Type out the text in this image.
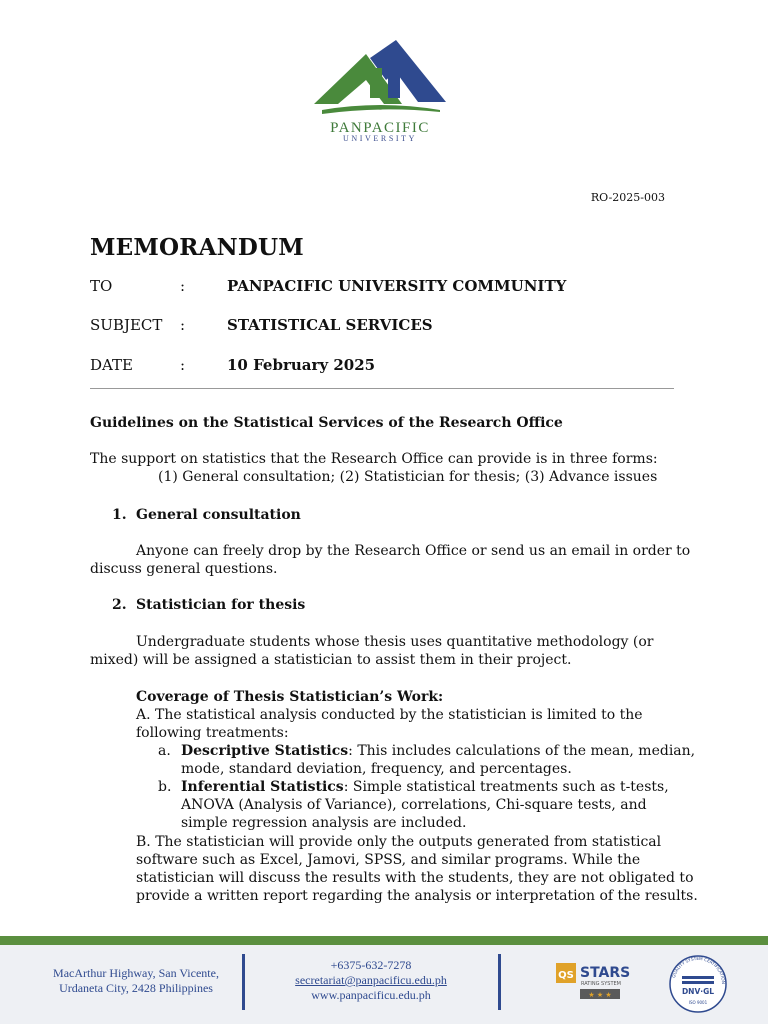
PANPACIFIC
UNIVERSITY
RO-2025-003
MEMORANDUM
TO	:	PANPACIFIC UNIVERSITY COMMUNITY
SUBJECT :	STATISTICAL SERVICES
DATE	:	10 February 2025
Guidelines on the Statistical Services of the Research Office
The support on statistics that the Research Office can provide is in three forms:
(1) General consultation; (2) Statistician for thesis; (3) Advance issues
1. General consultation
Anyone can freely drop by the Research Office or send us an email in order to
discuss general questions.
2. Statistician for thesis
Undergraduate students whose thesis uses quantitative methodology (or
mixed) will be assigned a statistician to assist them in their project.
Coverage of Thesis Statistician’s Work:
A. The statistical analysis conducted by the statistician is limited to the
following treatments:
a. Descriptive Statistics: This includes calculations of the mean, median,
mode, standard deviation, frequency, and percentages.
b. Inferential Statistics: Simple statistical treatments such as t-tests,
ANOVA (Analysis of Variance), correlations, Chi-square tests, and
simple regression analysis are included.
B. The statistician will provide only the outputs generated from statistical
software such as Excel, Jamovi, SPSS, and similar programs. While the
statistician will discuss the results with the students, they are not obligated to
provide a written report regarding the analysis or interpretation of the results.
MacArthur Highway, San Vicente,
Urdaneta City, 2428 Philippines
+6375-632-7278
secretariat@panpacificu.edu.ph
www.panpacificu.edu.ph
QS STARS
RATING SYSTEM
★ ★ ★
QUALITY SYSTEM CERTIFICATION
DNV·GL
ISO 9001
